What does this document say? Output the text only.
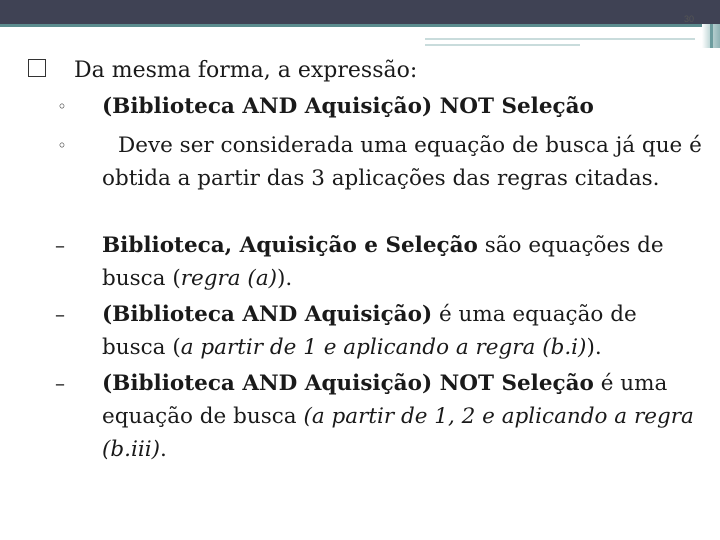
30
Da mesma forma, a expressão:
◦ (Biblioteca AND Aquisição) NOT Seleção
◦ Deve ser considerada uma equação de busca já que é obtida a partir das 3 aplicações das regras citadas.
– Biblioteca, Aquisição e Seleção são equações de busca (regra (a)).
– (Biblioteca AND Aquisição) é uma equação de busca (a partir de 1 e aplicando a regra (b.i)).
– (Biblioteca AND Aquisição) NOT Seleção é uma equação de busca (a partir de 1, 2 e aplicando a regra (b.iii).
